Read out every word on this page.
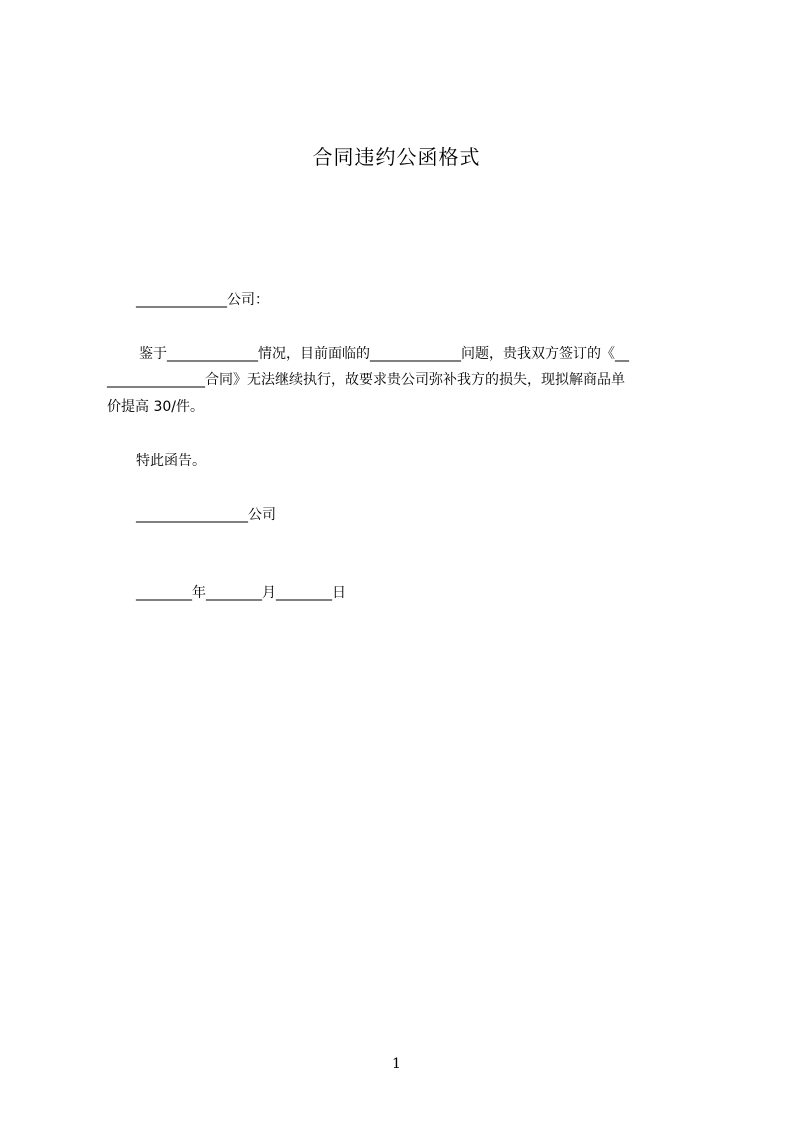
合同违约公函格式
_____________公司：
鉴于_____________情况，目前面临的_____________问题，贵我双方签订的《__
______________合同》无法继续执行，故要求贵公司弥补我方的损失，现拟解商品单
价提高 30/件。
特此函告。
________________公司
________年________月________日
1
